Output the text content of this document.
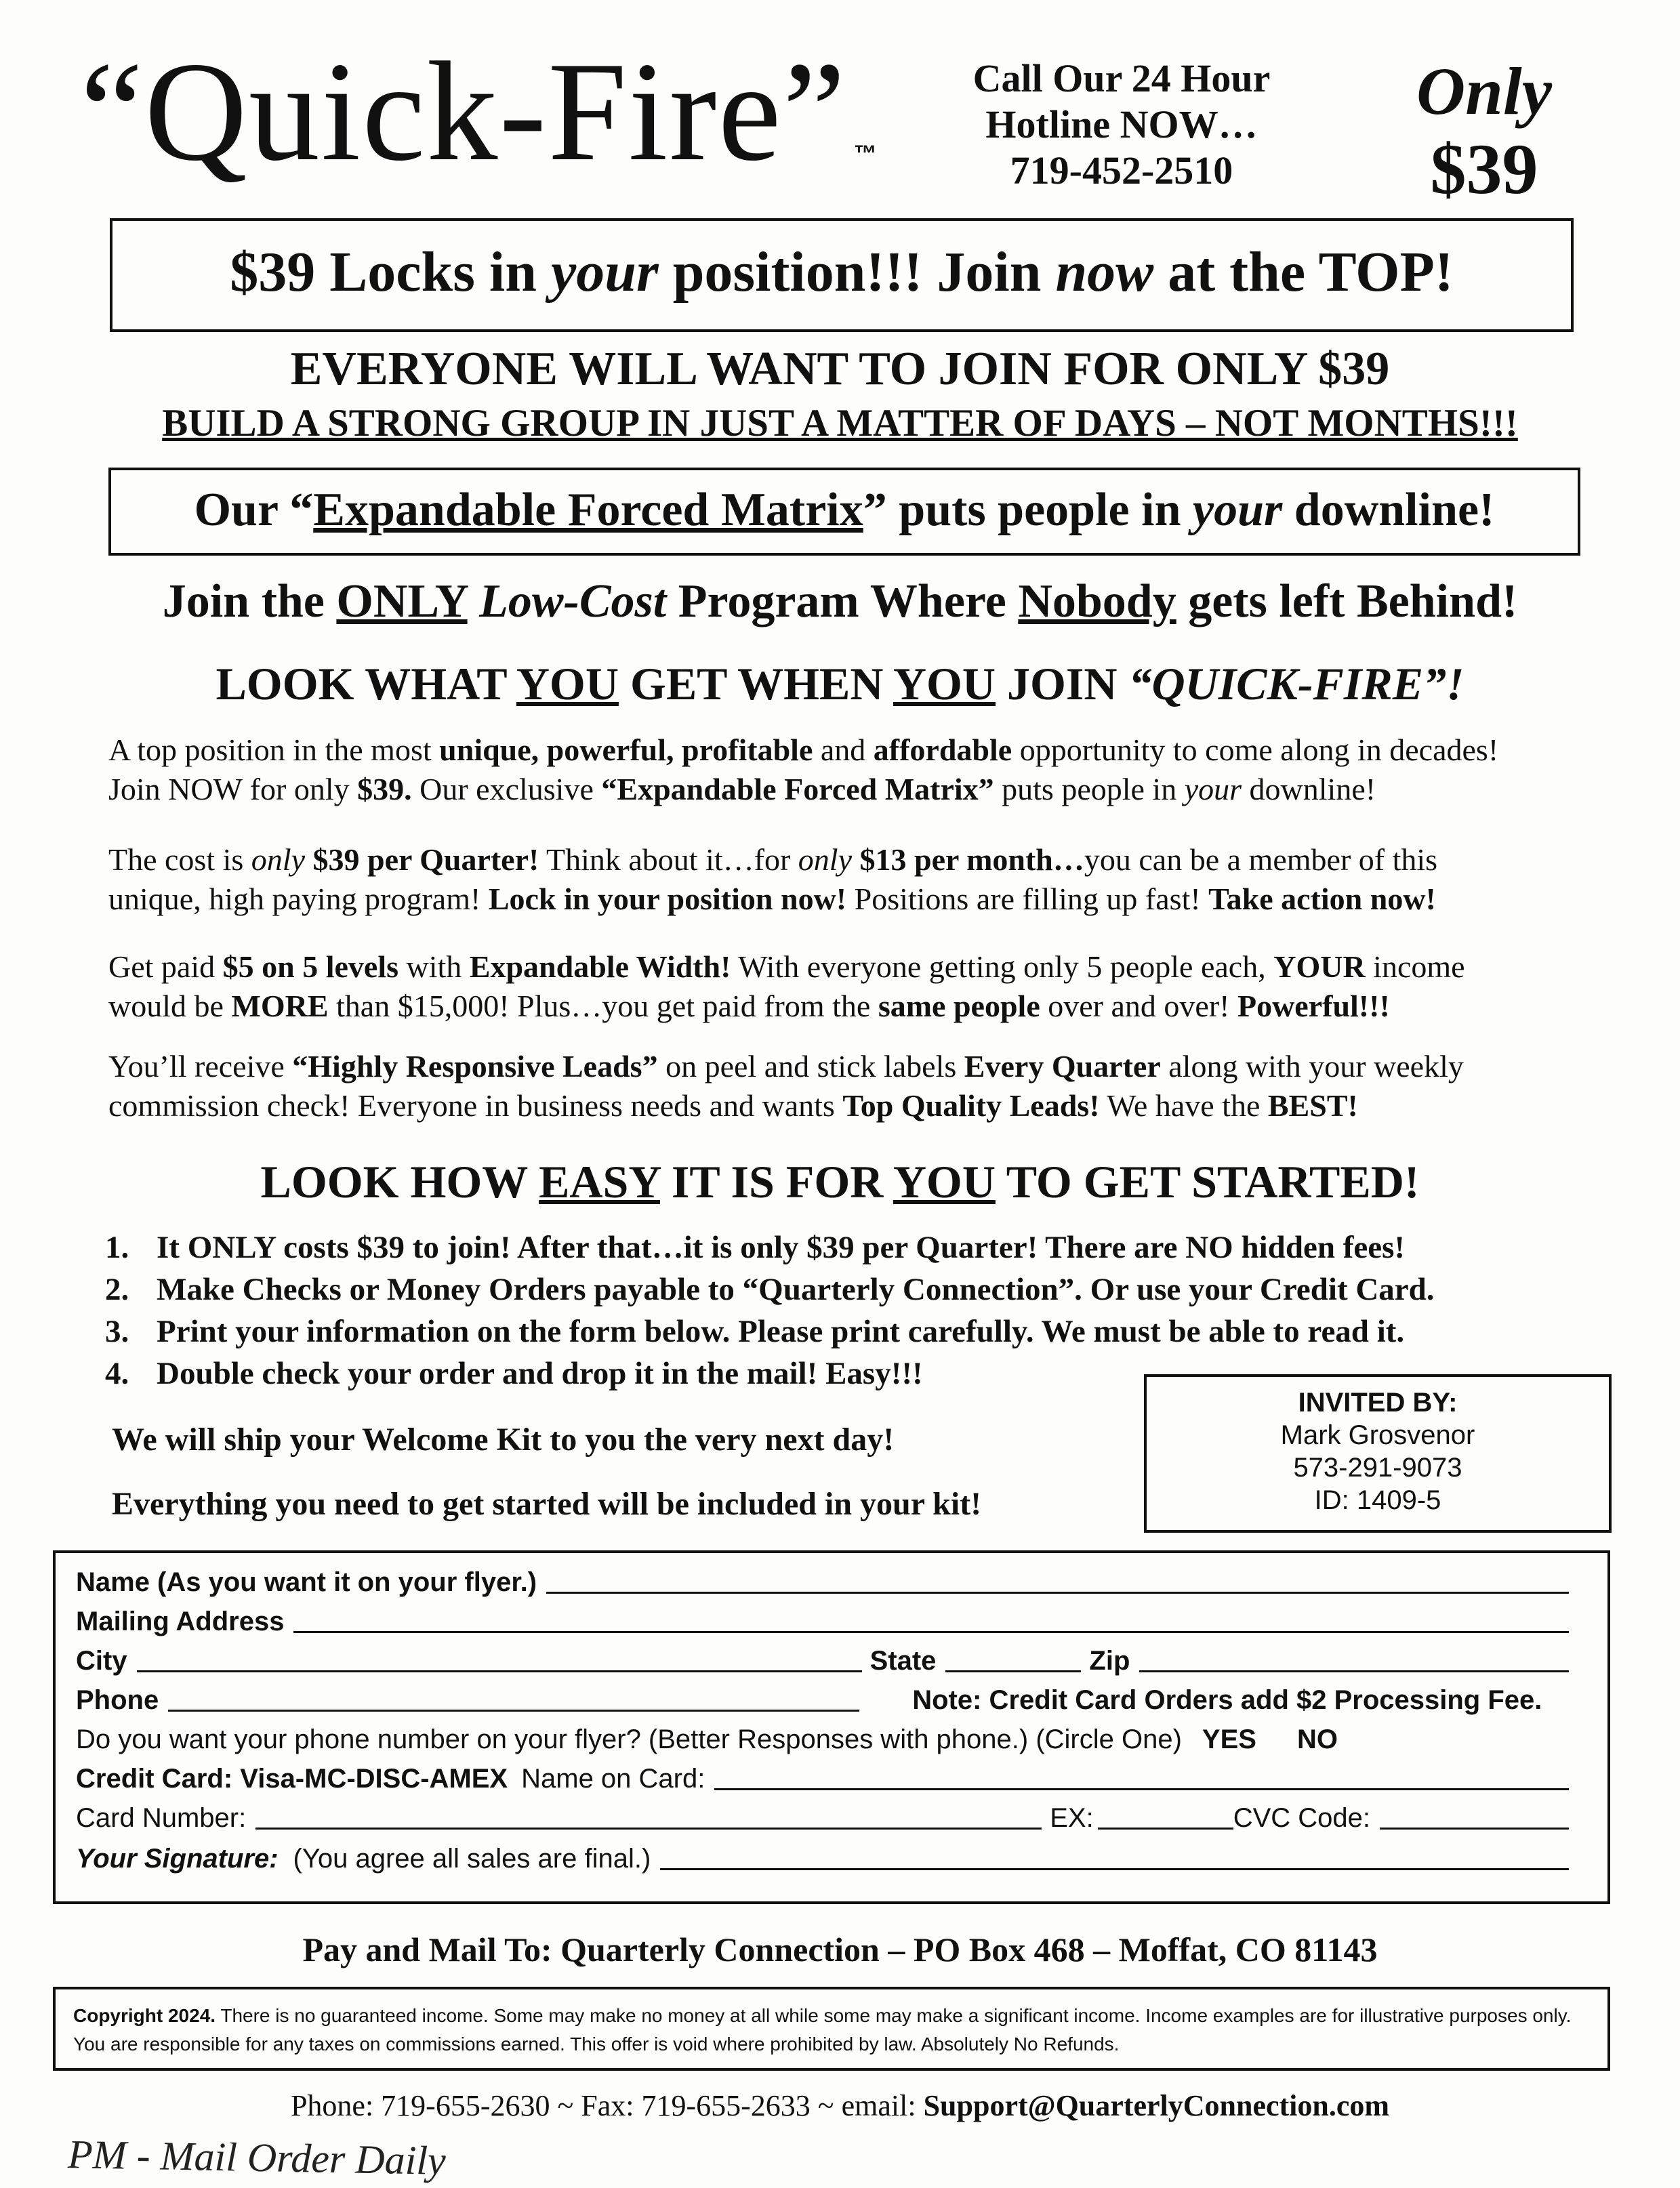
“Quick-Fire” ™
Call Our 24 Hour
Hotline NOW…
719-452-2510
Only
$39
$39 Locks in your position!!! Join now at the TOP!
EVERYONE WILL WANT TO JOIN FOR ONLY $39
BUILD A STRONG GROUP IN JUST A MATTER OF DAYS – NOT MONTHS!!!
Our “Expandable Forced Matrix” puts people in your downline!
Join the ONLY Low-Cost Program Where Nobody gets left Behind!
LOOK WHAT YOU GET WHEN YOU JOIN “QUICK-FIRE”!
A top position in the most unique, powerful, profitable and affordable opportunity to come along in decades!
Join NOW for only $39. Our exclusive “Expandable Forced Matrix” puts people in your downline!
The cost is only $39 per Quarter! Think about it…for only $13 per month…you can be a member of this
unique, high paying program! Lock in your position now! Positions are filling up fast! Take action now!
Get paid $5 on 5 levels with Expandable Width! With everyone getting only 5 people each, YOUR income
would be MORE than $15,000! Plus…you get paid from the same people over and over! Powerful!!!
You’ll receive “Highly Responsive Leads” on peel and stick labels Every Quarter along with your weekly
commission check! Everyone in business needs and wants Top Quality Leads! We have the BEST!
LOOK HOW EASY IT IS FOR YOU TO GET STARTED!
1. It ONLY costs $39 to join! After that…it is only $39 per Quarter! There are NO hidden fees!
2. Make Checks or Money Orders payable to “Quarterly Connection”. Or use your Credit Card.
3. Print your information on the form below. Please print carefully. We must be able to read it.
4. Double check your order and drop it in the mail! Easy!!!
We will ship your Welcome Kit to you the very next day!
Everything you need to get started will be included in your kit!
INVITED BY:
Mark Grosvenor
573-291-9073
ID: 1409-5
Name (As you want it on your flyer.)
Mailing Address
City	State	Zip
Phone	Note: Credit Card Orders add $2 Processing Fee.
Do you want your phone number on your flyer? (Better Responses with phone.) (Circle One) YES NO
Credit Card: Visa-MC-DISC-AMEX Name on Card:
Card Number:	EX:	CVC Code:
Your Signature: (You agree all sales are final.)
Pay and Mail To: Quarterly Connection – PO Box 468 – Moffat, CO 81143
Copyright 2024. There is no guaranteed income. Some may make no money at all while some may make a significant income. Income examples are for illustrative purposes only. You are responsible for any taxes on commissions earned. This offer is void where prohibited by law. Absolutely No Refunds.
Phone: 719-655-2630 ~ Fax: 719-655-2633 ~ email: Support@QuarterlyConnection.com
PM - Mail Order Daily
